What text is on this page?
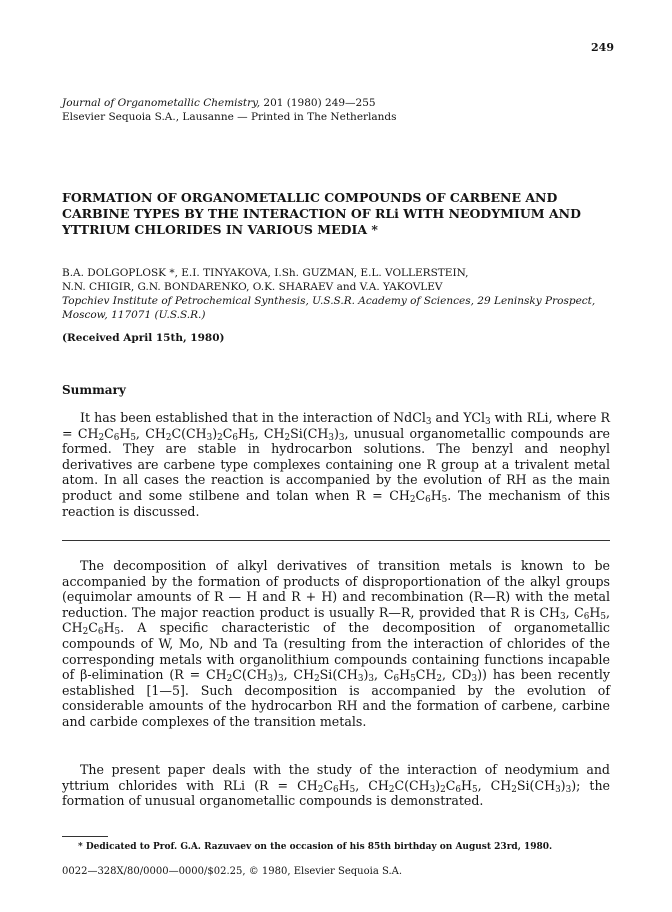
249
Journal of Organometallic Chemistry, 201 (1980) 249—255
Elsevier Sequoia S.A., Lausanne — Printed in The Netherlands
FORMATION OF ORGANOMETALLIC COMPOUNDS OF CARBENE AND CARBINE TYPES BY THE INTERACTION OF RLi WITH NEODYMIUM AND YTTRIUM CHLORIDES IN VARIOUS MEDIA *
B.A. DOLGOPLOSK *, E.I. TINYAKOVA, I.Sh. GUZMAN, E.L. VOLLERSTEIN,
N.N. CHIGIR, G.N. BONDARENKO, O.K. SHARAEV and V.A. YAKOVLEV
Topchiev Institute of Petrochemical Synthesis, U.S.S.R. Academy of Sciences, 29 Leninsky Prospect, Moscow, 117071 (U.S.S.R.)
(Received April 15th, 1980)
Summary
It has been established that in the interaction of NdCl$_3$ and YCl$_3$ with RLi, where $R = CH_2C_6H_5$, $CH_2C(CH_3)_2C_6H_5$, $CH_2Si(CH_3)_3$, unusual organometallic compounds are formed. They are stable in hydrocarbon solutions. The benzyl and neophyl derivatives are carbene type complexes containing one R group at a trivalent metal atom. In all cases the reaction is accompanied by the evolution of RH as the main product and some stilbene and tolan when $R = CH_2C_6H_5$. The mechanism of this reaction is discussed.
The decomposition of alkyl derivatives of transition metals is known to be accompanied by the formation of products of disproportionation of the alkyl groups (equimolar amounts of R — H and R + H) and recombination (R—R) with the metal reduction. The major reaction product is usually R—R, provided that R is $CH_3$, $C_6H_5$, $CH_2C_6H_5$. A specific characteristic of the decomposition of organometallic compounds of W, Mo, Nb and Ta (resulting from the interaction of chlorides of the corresponding metals with organolithium compounds containing functions incapable of β-elimination ($R = CH_2C(CH_3)_3$, $CH_2Si(CH_3)_3$, $C_6H_5CH_2$, $CD_3$)) has been recently established [1—5]. Such decomposition is accompanied by the evolution of considerable amounts of the hydrocarbon RH and the formation of carbene, carbine and carbide complexes of the transition metals.
The present paper deals with the study of the interaction of neodymium and yttrium chlorides with RLi ($R = CH_2C_6H_5$, $CH_2C(CH_3)_2C_6H_5$, $CH_2Si(CH_3)_3$); the formation of unusual organometallic compounds is demonstrated.
* Dedicated to Prof. G.A. Razuvaev on the occasion of his 85th birthday on August 23rd, 1980.
0022—328X/80/0000—0000/$02.25, © 1980, Elsevier Sequoia S.A.
